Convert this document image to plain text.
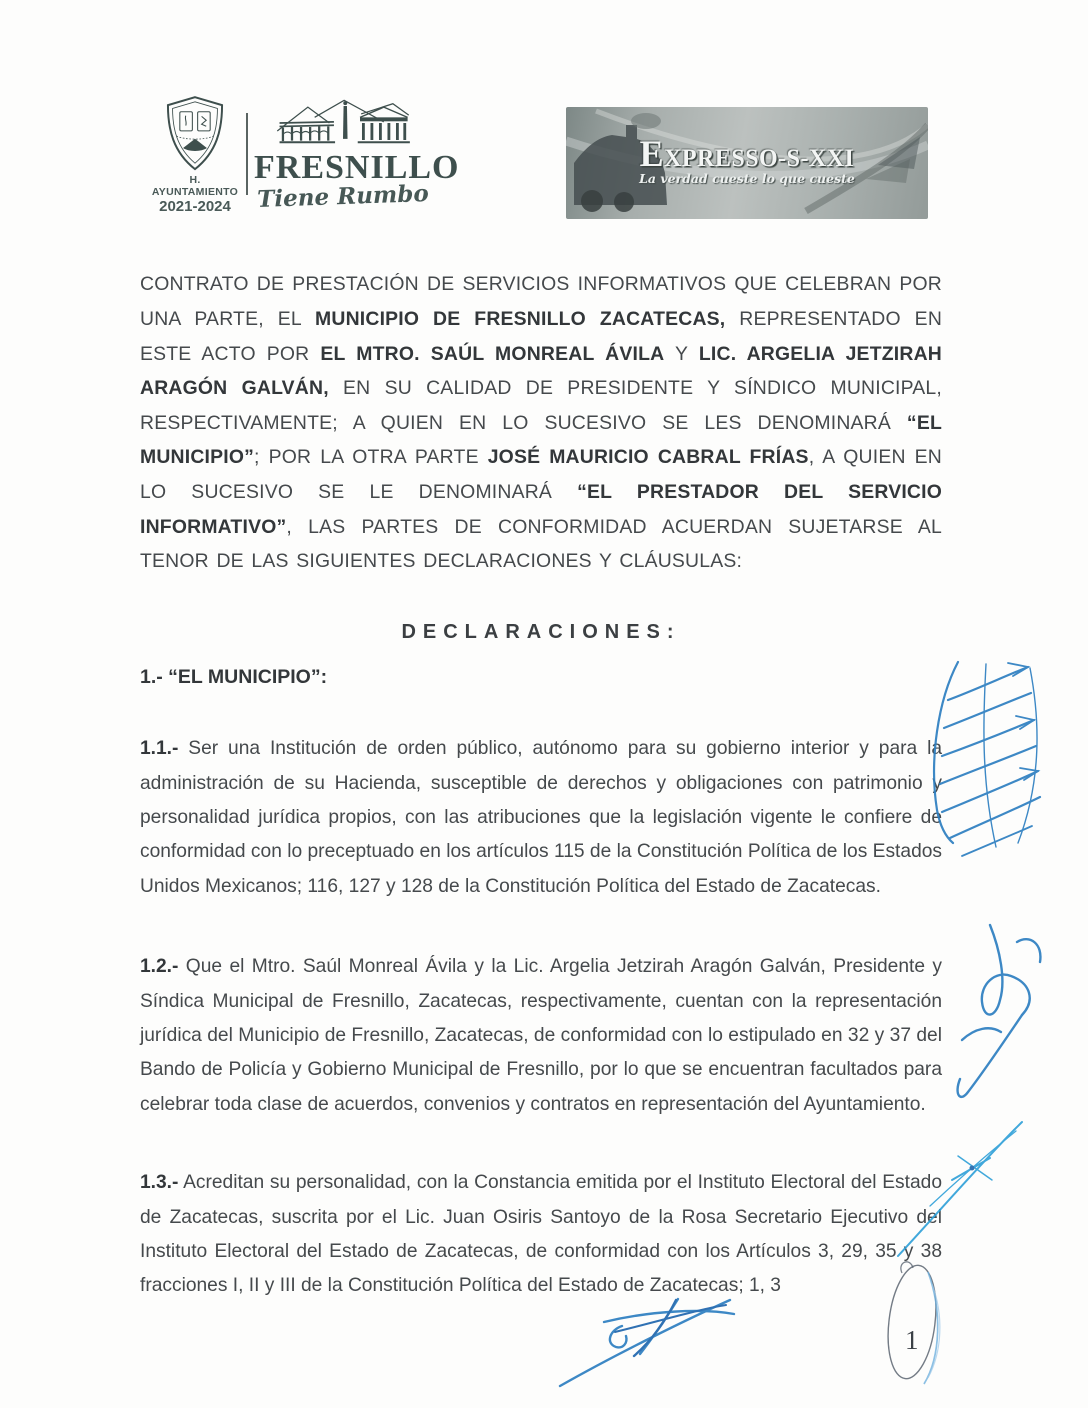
H. AYUNTAMIENTO
2021-2024
FRESNILLO
Tiene Rumbo
EXPRESSO-S-XXI
La verdad cueste lo que cueste

CONTRATO DE PRESTACIÓN DE SERVICIOS INFORMATIVOS QUE CELEBRAN POR UNA PARTE, EL MUNICIPIO DE FRESNILLO ZACATECAS, REPRESENTADO EN ESTE ACTO POR EL MTRO. SAÚL MONREAL ÁVILA Y LIC. ARGELIA JETZIRAH ARAGÓN GALVÁN, EN SU CALIDAD DE PRESIDENTE Y SÍNDICO MUNICIPAL, RESPECTIVAMENTE; A QUIEN EN LO SUCESIVO SE LES DENOMINARÁ “EL MUNICIPIO”; POR LA OTRA PARTE JOSÉ MAURICIO CABRAL FRÍAS, A QUIEN EN LO SUCESIVO SE LE DENOMINARÁ “EL PRESTADOR DEL SERVICIO INFORMATIVO”, LAS PARTES DE CONFORMIDAD ACUERDAN SUJETARSE AL TENOR DE LAS SIGUIENTES DECLARACIONES Y CLÁUSULAS:

DECLARACIONES:
1.- “EL MUNICIPIO”:

1.1.- Ser una Institución de orden público, autónomo para su gobierno interior y para la administración de su Hacienda, susceptible de derechos y obligaciones con patrimonio y personalidad jurídica propios, con las atribuciones que la legislación vigente le confiere de conformidad con lo preceptuado en los artículos 115 de la Constitución Política de los Estados Unidos Mexicanos; 116, 127 y 128 de la Constitución Política del Estado de Zacatecas.

1.2.- Que el Mtro. Saúl Monreal Ávila y la Lic. Argelia Jetzirah Aragón Galván, Presidente y Síndica Municipal de Fresnillo, Zacatecas, respectivamente, cuentan con la representación jurídica del Municipio de Fresnillo, Zacatecas, de conformidad con lo estipulado en 32 y 37 del Bando de Policía y Gobierno Municipal de Fresnillo, por lo que se encuentran facultados para celebrar toda clase de acuerdos, convenios y contratos en representación del Ayuntamiento.

1.3.- Acreditan su personalidad, con la Constancia emitida por el Instituto Electoral del Estado de Zacatecas, suscrita por el Lic. Juan Osiris Santoyo de la Rosa Secretario Ejecutivo del Instituto Electoral del Estado de Zacatecas, de conformidad con los Artículos 3, 29, 35 y 38 fracciones I, II y III de la Constitución Política del Estado de Zacatecas; 1, 3

1
